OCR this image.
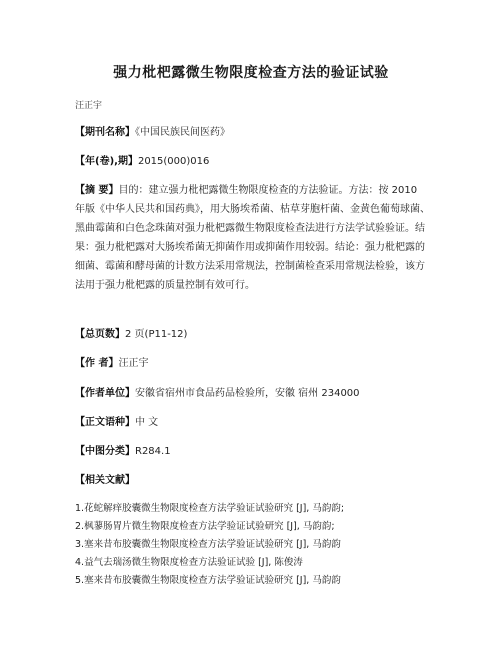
强力枇杷露微生物限度检查方法的验证试验
汪正宇
【期刊名称】《中国民族民间医药》
【年(卷),期】2015(000)016
【摘 要】目的：建立强力枇杷露微生物限度检查的方法验证。方法：按 2010 年版《中华人民共和国药典》，用大肠埃希菌、枯草芽胞杆菌、金黄色葡萄球菌、黑曲霉菌和白色念珠菌对强力枇杷露微生物限度检查法进行方法学试验验证。结果：强力枇杷露对大肠埃希菌无抑菌作用或抑菌作用较弱。结论：强力枇杷露的细菌、霉菌和酵母菌的计数方法采用常规法，控制菌检查采用常规法检验，该方法用于强力枇杷露的质量控制有效可行。
【总页数】2 页(P11-12)
【作 者】汪正宇
【作者单位】安徽省宿州市食品药品检验所，安徽 宿州 234000
【正文语种】中 文
【中图分类】R284.1
【相关文献】
1.花蛇解痒胶囊微生物限度检查方法学验证试验研究 [J], 马韵韵;
2.枫蓼肠胃片微生物限度检查方法学验证试验研究 [J], 马韵韵;
3.塞来昔布胶囊微生物限度检查方法学验证试验研究 [J], 马韵韵
4.益气去瑞汤微生物限度检查方法验证试验 [J], 陈俊涛
5.塞来昔布胶囊微生物限度检查方法学验证试验研究 [J], 马韵韵
